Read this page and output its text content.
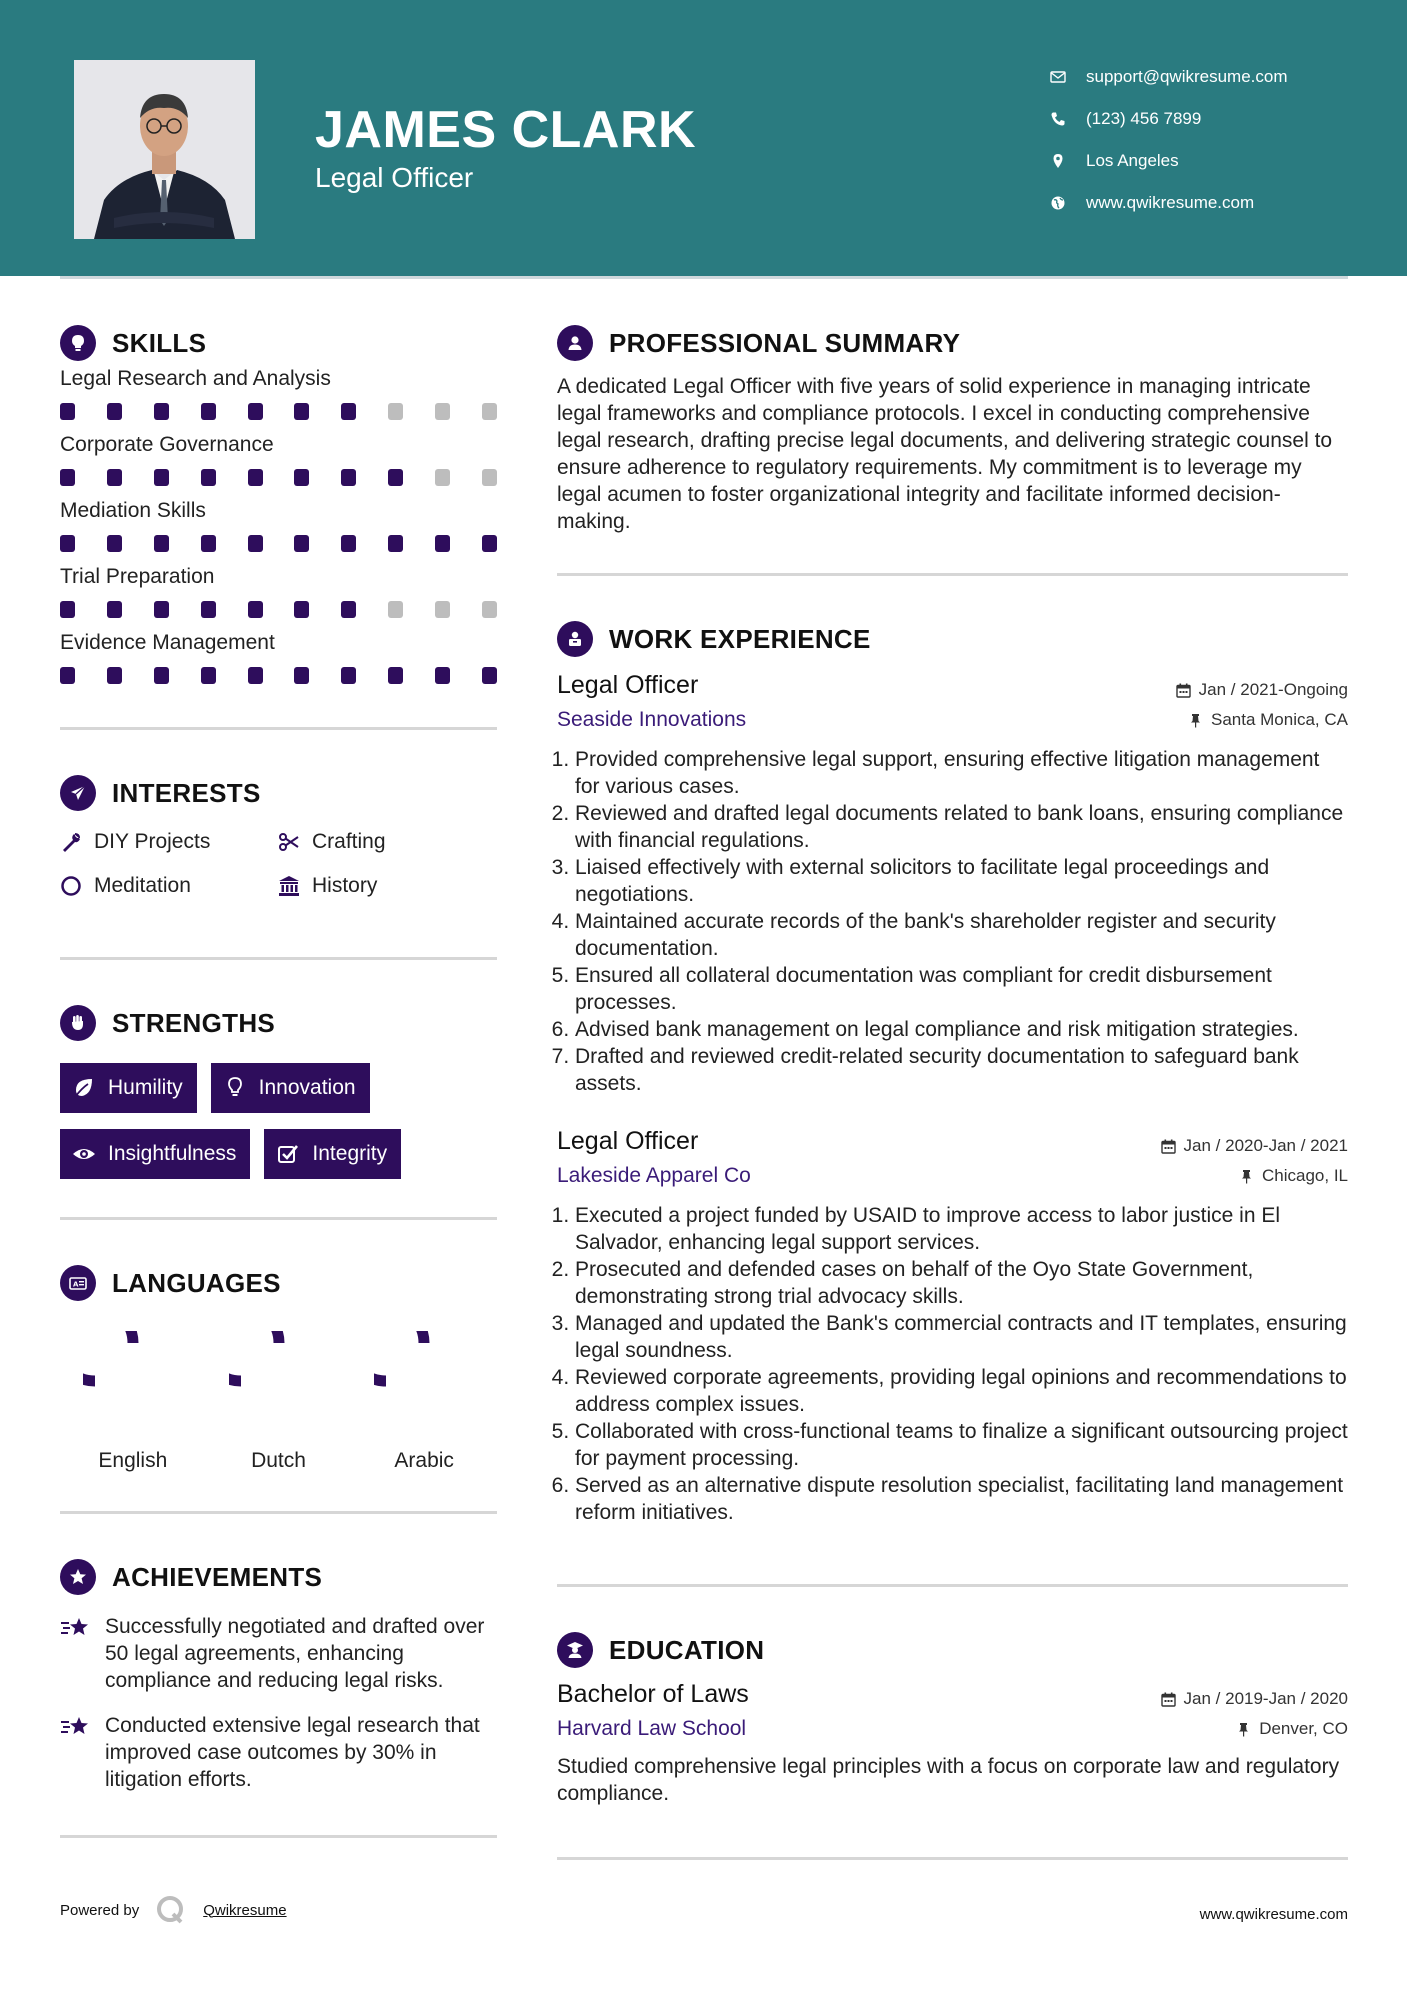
JAMES CLARK
Legal Officer
support@qwikresume.com
(123) 456 7899
Los Angeles
www.qwikresume.com
SKILLS
Legal Research and Analysis
Corporate Governance
Mediation Skills
Trial Preparation
Evidence Management
INTERESTS
DIY Projects	Crafting
Meditation	History
STRENGTHS
Humility	Innovation
Insightfulness	Integrity
A LANGUAGES
English	Dutch	Arabic
ACHIEVEMENTS
Successfully negotiated and drafted over 50 legal agreements, enhancing compliance and reducing legal risks.
Conducted extensive legal research that improved case outcomes by 30% in litigation efforts.
PROFESSIONAL SUMMARY

A dedicated Legal Officer with five years of solid experience in managing intricate legal frameworks and compliance protocols. I excel in conducting comprehensive legal research, drafting precise legal documents, and delivering strategic counsel to ensure adherence to regulatory requirements. My commitment is to leverage my legal acumen to foster organizational integrity and facilitate informed decision-making.

WORK EXPERIENCE
Legal Officer	Jan / 2021-Ongoing
Seaside Innovations	Santa Monica, CA
1. Provided comprehensive legal support, ensuring effective litigation management for various cases.
2. Reviewed and drafted legal documents related to bank loans, ensuring compliance with financial regulations.
3. Liaised effectively with external solicitors to facilitate legal proceedings and negotiations.
4. Maintained accurate records of the bank's shareholder register and security documentation.
5. Ensured all collateral documentation was compliant for credit disbursement processes.
6. Advised bank management on legal compliance and risk mitigation strategies.
7. Drafted and reviewed credit-related security documentation to safeguard bank assets.
Legal Officer	Jan / 2020-Jan / 2021
Lakeside Apparel Co	Chicago, IL
1. Executed a project funded by USAID to improve access to labor justice in El Salvador, enhancing legal support services.
2. Prosecuted and defended cases on behalf of the Oyo State Government, demonstrating strong trial advocacy skills.
3. Managed and updated the Bank's commercial contracts and IT templates, ensuring legal soundness.
4. Reviewed corporate agreements, providing legal opinions and recommendations to address complex issues.
5. Collaborated with cross-functional teams to finalize a significant outsourcing project for payment processing.
6. Served as an alternative dispute resolution specialist, facilitating land management reform initiatives.
EDUCATION
Bachelor of Laws	Jan / 2019-Jan / 2020
Harvard Law School	Denver, CO

Studied comprehensive legal principles with a focus on corporate law and regulatory compliance.

Powered by	Qwikresume	www.qwikresume.com
